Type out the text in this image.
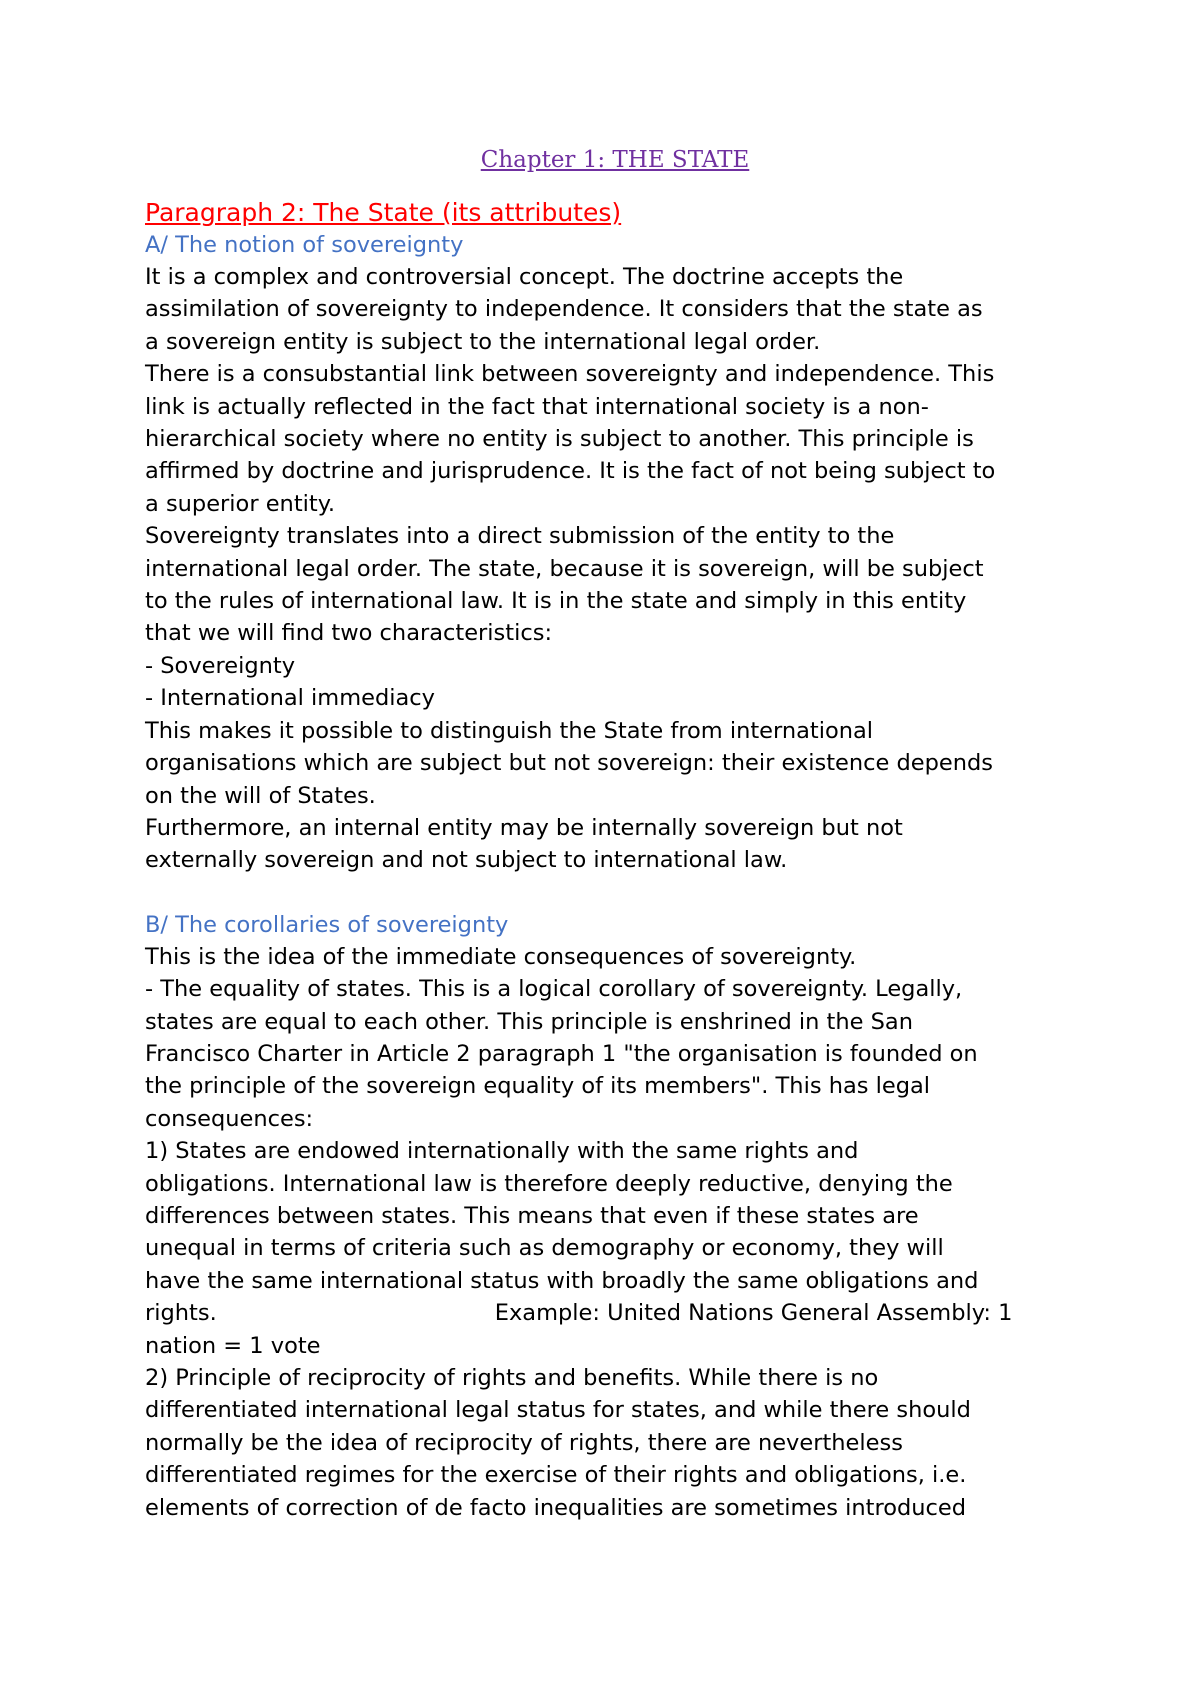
Chapter 1: THE STATE
Paragraph 2: The State (its attributes)
A/ The notion of sovereignty
It is a complex and controversial concept. The doctrine accepts the
assimilation of sovereignty to independence. It considers that the state as
a sovereign entity is subject to the international legal order.
There is a consubstantial link between sovereignty and independence. This
link is actually reflected in the fact that international society is a non-
hierarchical society where no entity is subject to another. This principle is
affirmed by doctrine and jurisprudence. It is the fact of not being subject to
a superior entity.
Sovereignty translates into a direct submission of the entity to the
international legal order. The state, because it is sovereign, will be subject
to the rules of international law. It is in the state and simply in this entity
that we will find two characteristics:
- Sovereignty
- International immediacy
This makes it possible to distinguish the State from international
organisations which are subject but not sovereign: their existence depends
on the will of States.
Furthermore, an internal entity may be internally sovereign but not
externally sovereign and not subject to international law.
B/ The corollaries of sovereignty
This is the idea of the immediate consequences of sovereignty.
- The equality of states. This is a logical corollary of sovereignty. Legally,
states are equal to each other. This principle is enshrined in the San
Francisco Charter in Article 2 paragraph 1 "the organisation is founded on
the principle of the sovereign equality of its members". This has legal
consequences:
1) States are endowed internationally with the same rights and
obligations. International law is therefore deeply reductive, denying the
differences between states. This means that even if these states are
unequal in terms of criteria such as demography or economy, they will
have the same international status with broadly the same obligations and
rights.	Example: United Nations General Assembly: 1
nation = 1 vote
2) Principle of reciprocity of rights and benefits. While there is no
differentiated international legal status for states, and while there should
normally be the idea of reciprocity of rights, there are nevertheless
differentiated regimes for the exercise of their rights and obligations, i.e.
elements of correction of de facto inequalities are sometimes introduced
